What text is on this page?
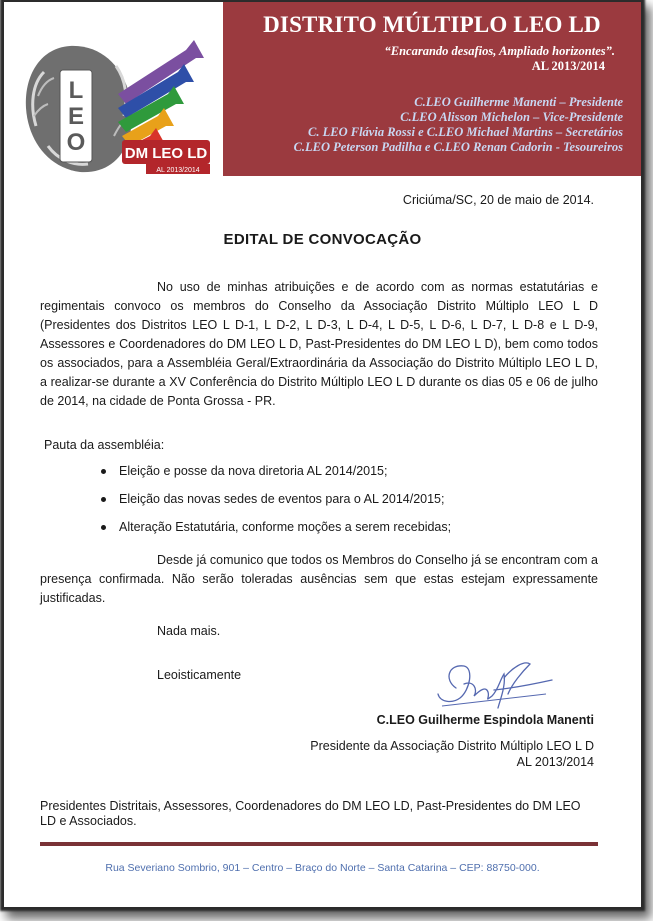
L
E
O	DM LEO LD
AL 2013/2014
DISTRITO MÚLTIPLO LEO LD
“Encarando desafios, Ampliado horizontes”.
AL 2013/2014
C.LEO Guilherme Manenti – Presidente
C.LEO Alisson Michelon – Vice-Presidente
C. LEO Flávia Rossi e C.LEO Michael Martins – Secretários
C.LEO Peterson Padilha e C.LEO Renan Cadorin - Tesoureiros
Criciúma/SC, 20 de maio de 2014.
EDITAL DE CONVOCAÇÃO
No uso de minhas atribuições e de acordo com as normas estatutárias e regimentais convoco os membros do Conselho da Associação Distrito Múltiplo LEO L D (Presidentes dos Distritos LEO L D-1, L D-2, L D-3, L D-4, L D-5, L D-6, L D-7, L D-8 e L D-9, Assessores e Coordenadores do DM LEO L D, Past-Presidentes do DM LEO L D), bem como todos os associados, para a Assembléia Geral/Extraordinária da Associação do Distrito Múltiplo LEO L D, a realizar-se durante a XV Conferência do Distrito Múltiplo LEO L D durante os dias 05 e 06 de julho de 2014, na cidade de Ponta Grossa - PR.
Pauta da assembléia:
Eleição e posse da nova diretoria AL 2014/2015;
Eleição das novas sedes de eventos para o AL 2014/2015;
Alteração Estatutária, conforme moções a serem recebidas;
Desde já comunico que todos os Membros do Conselho já se encontram com a presença confirmada. Não serão toleradas ausências sem que estas estejam expressamente justificadas.
Nada mais.
Leoisticamente
C.LEO Guilherme Espindola Manenti
Presidente da Associação Distrito Múltiplo LEO L D
AL 2013/2014
Presidentes Distritais, Assessores, Coordenadores do DM LEO LD, Past-Presidentes do DM LEO LD e Associados.
Rua Severiano Sombrio, 901 – Centro – Braço do Norte – Santa Catarina – CEP: 88750-000.
